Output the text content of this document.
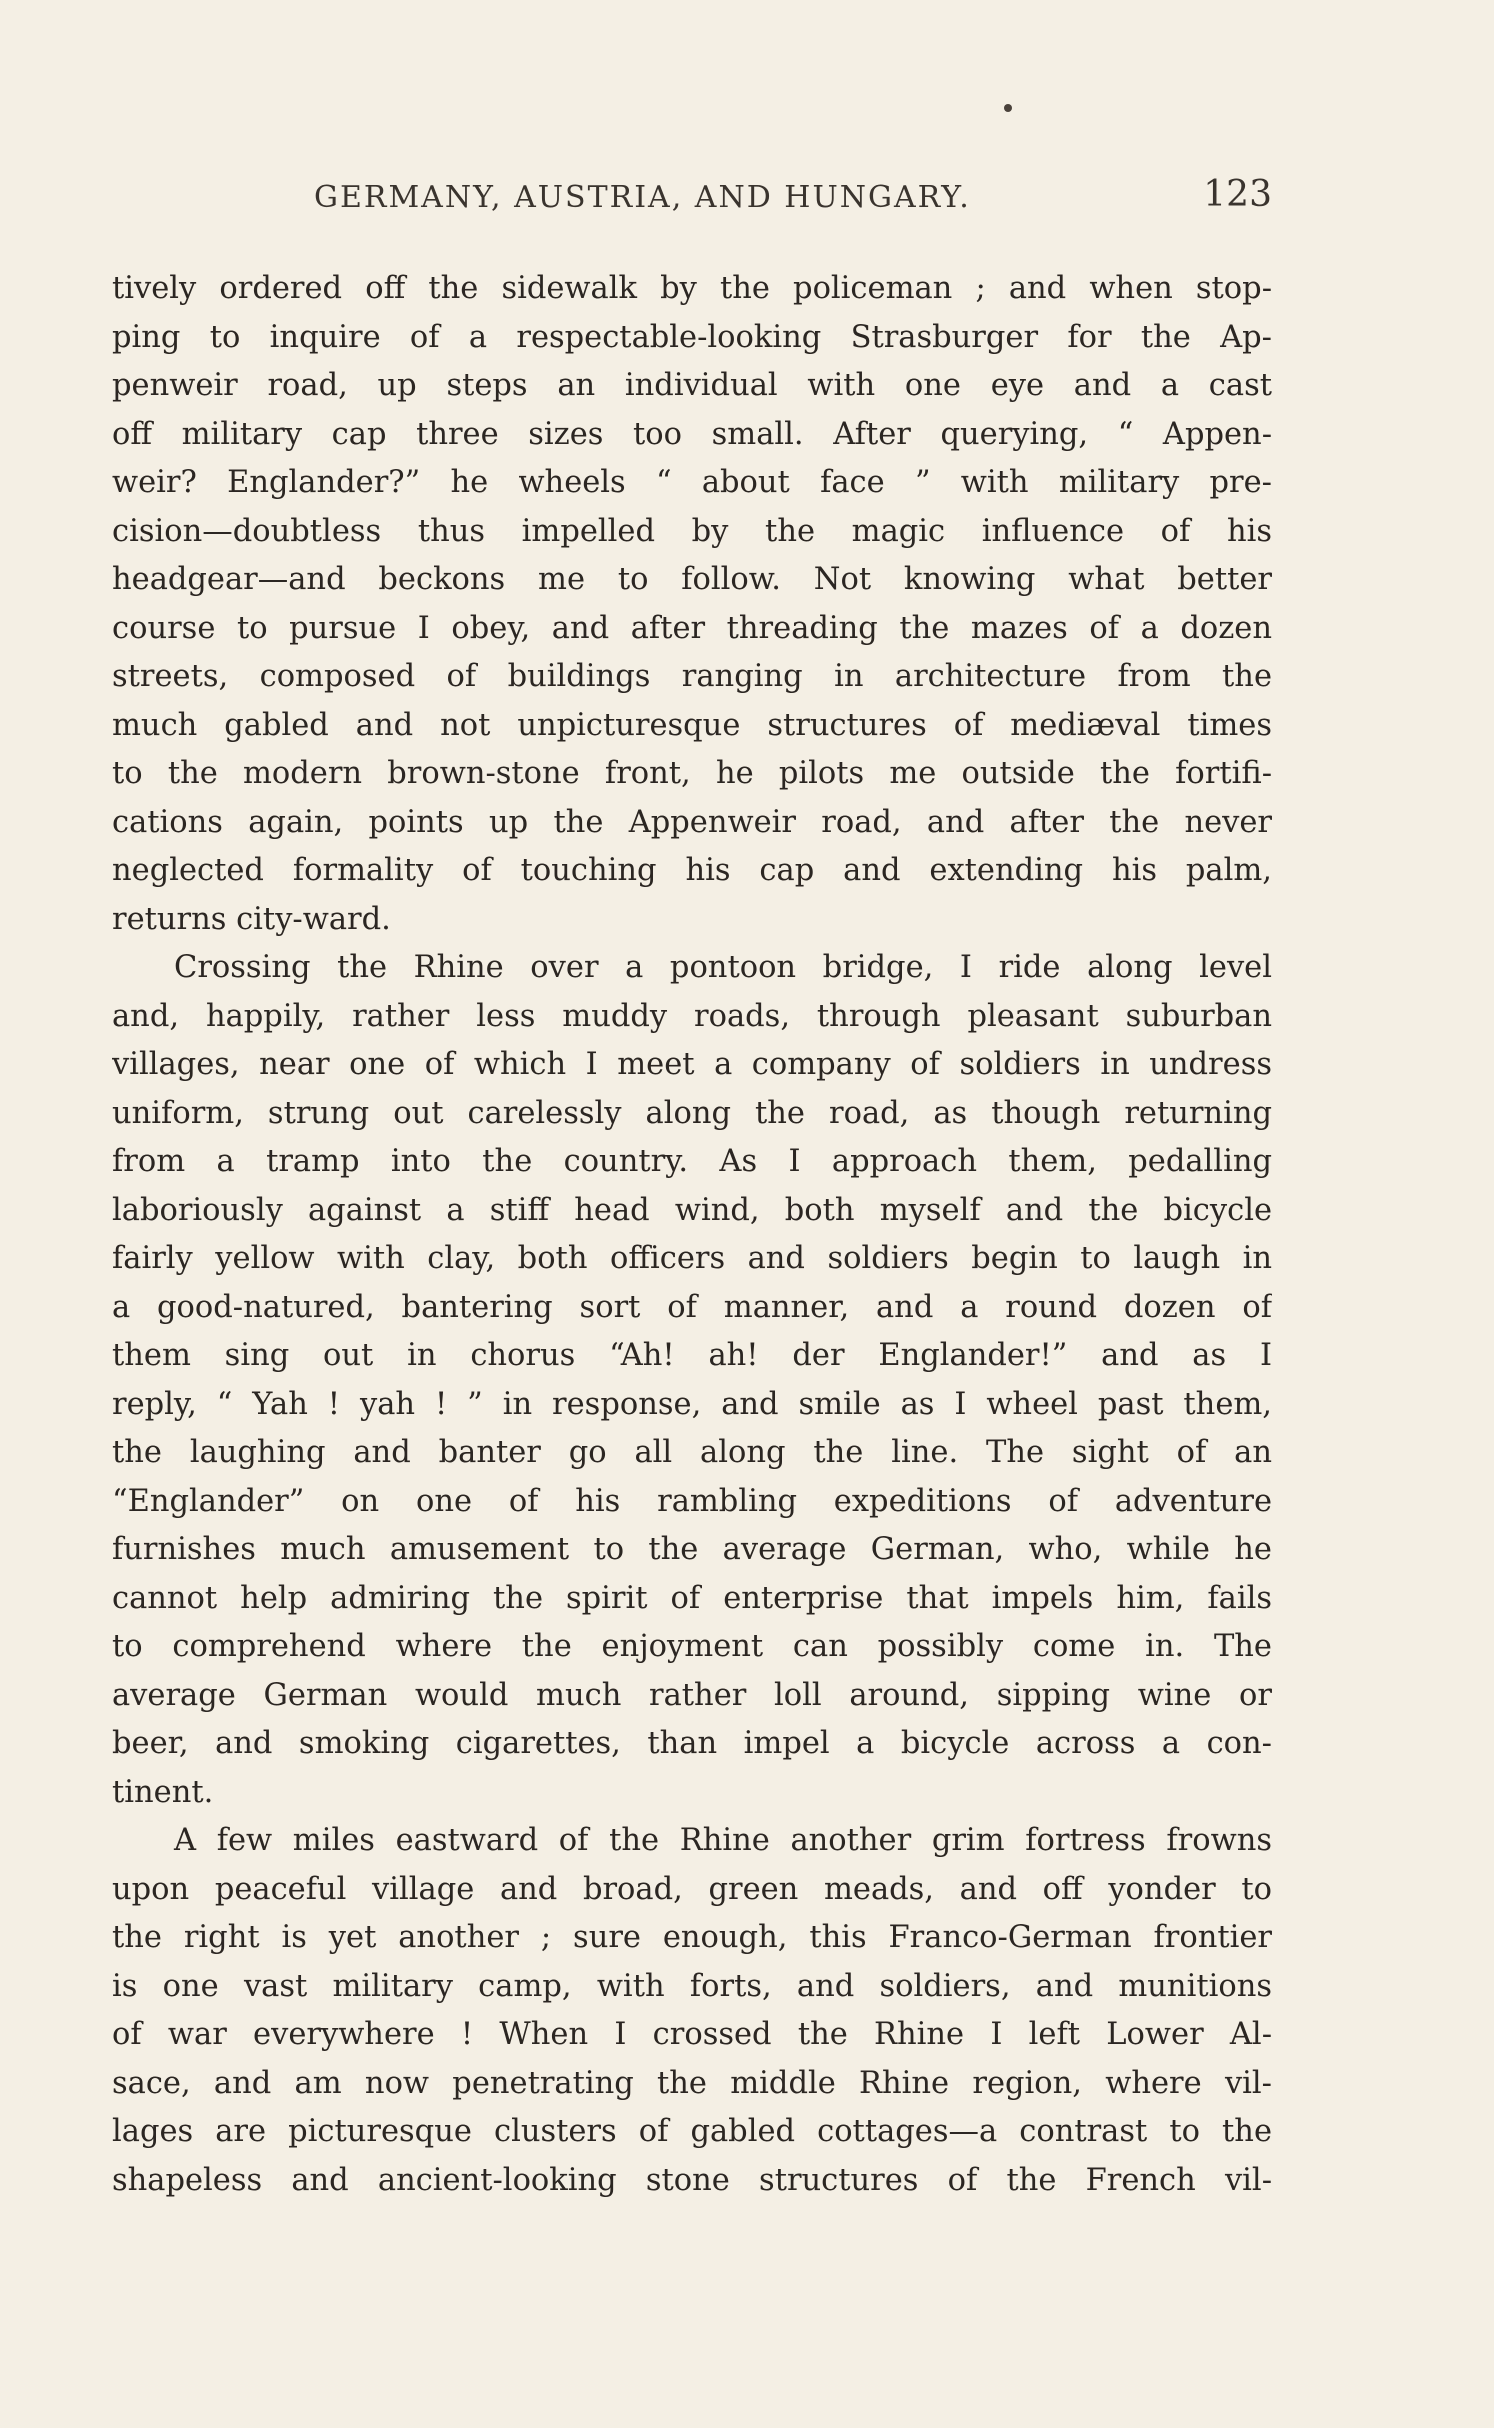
GERMANY, AUSTRIA, AND HUNGARY.	123
tively ordered off the sidewalk by the policeman ; and when stop-
ping to inquire of a respectable-looking Strasburger for the Ap-
penweir road, up steps an individual with one eye and a cast
off military cap three sizes too small. After querying, “ Appen-
weir? Englander?” he wheels “ about face ” with military pre-
cision—doubtless thus impelled by the magic influence of his
headgear—and beckons me to follow. Not knowing what better
course to pursue I obey, and after threading the mazes of a dozen
streets, composed of buildings ranging in architecture from the
much gabled and not unpicturesque structures of mediæval times
to the modern brown-stone front, he pilots me outside the fortifi-
cations again, points up the Appenweir road, and after the never
neglected formality of touching his cap and extending his palm,
returns city-ward.
Crossing the Rhine over a pontoon bridge, I ride along level
and, happily, rather less muddy roads, through pleasant suburban
villages, near one of which I meet a company of soldiers in undress
uniform, strung out carelessly along the road, as though returning
from a tramp into the country. As I approach them, pedalling
laboriously against a stiff head wind, both myself and the bicycle
fairly yellow with clay, both officers and soldiers begin to laugh in
a good-natured, bantering sort of manner, and a round dozen of
them sing out in chorus “Ah! ah! der Englander!” and as I
reply, “ Yah ! yah ! ” in response, and smile as I wheel past them,
the laughing and banter go all along the line. The sight of an
“Englander” on one of his rambling expeditions of adventure
furnishes much amusement to the average German, who, while he
cannot help admiring the spirit of enterprise that impels him, fails
to comprehend where the enjoyment can possibly come in. The
average German would much rather loll around, sipping wine or
beer, and smoking cigarettes, than impel a bicycle across a con-
tinent.
A few miles eastward of the Rhine another grim fortress frowns
upon peaceful village and broad, green meads, and off yonder to
the right is yet another ; sure enough, this Franco-German frontier
is one vast military camp, with forts, and soldiers, and munitions
of war everywhere ! When I crossed the Rhine I left Lower Al-
sace, and am now penetrating the middle Rhine region, where vil-
lages are picturesque clusters of gabled cottages—a contrast to the
shapeless and ancient-looking stone structures of the French vil-
